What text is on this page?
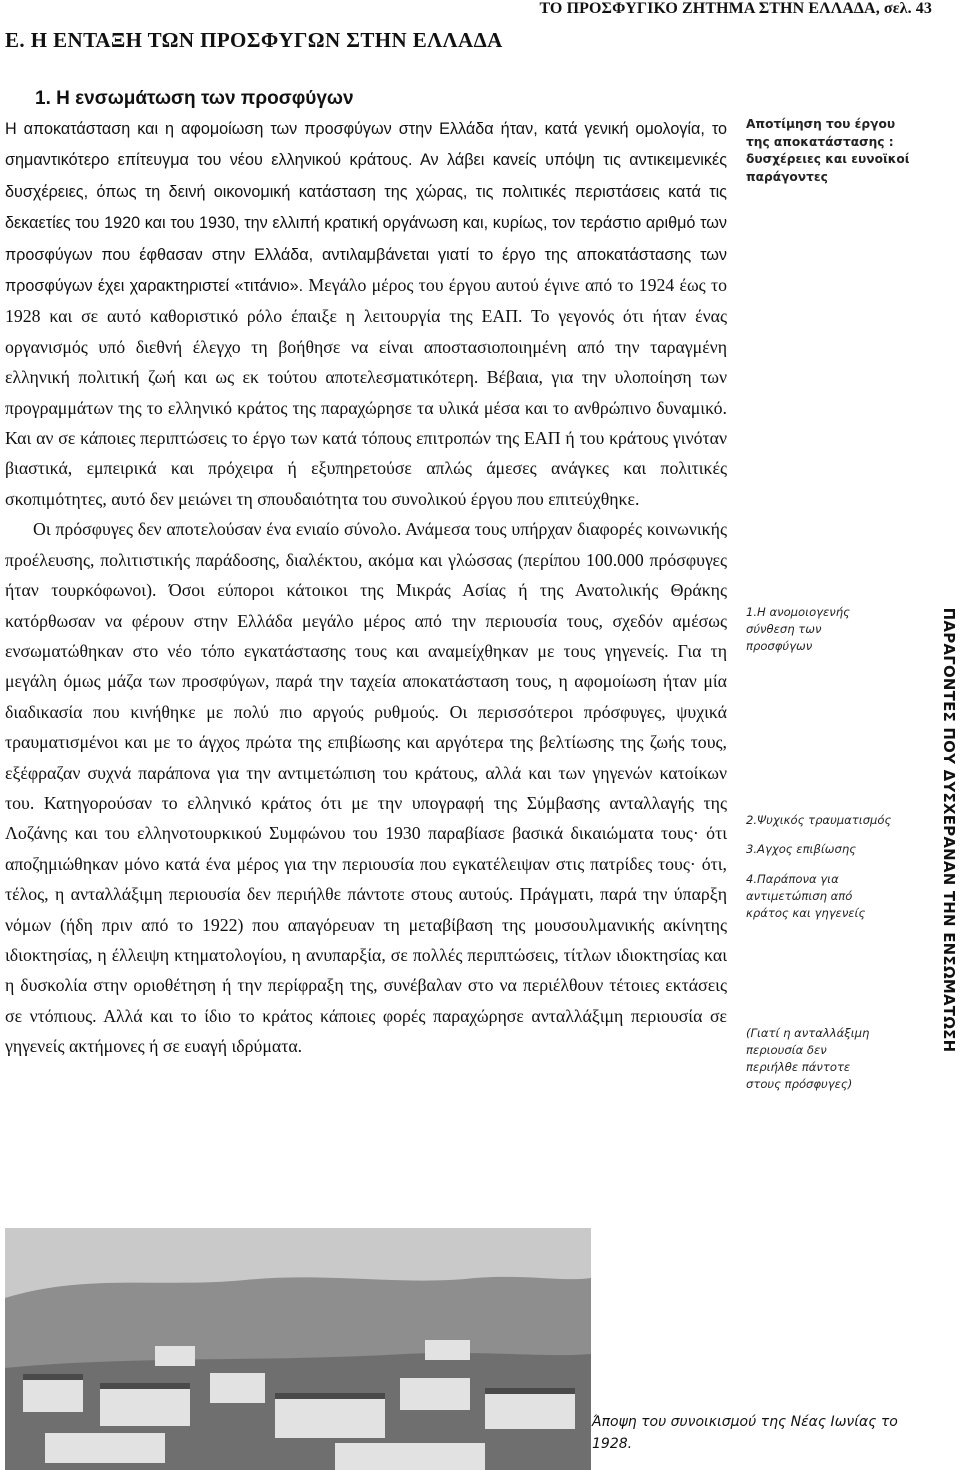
ΤΟ ΠΡΟΣΦΥΓΙΚΟ ΖΗΤΗΜΑ ΣΤΗΝ ΕΛΛΑΔΑ, σελ. 43
Ε. Η ΕΝΤΑΞΗ ΤΩΝ ΠΡΟΣΦΥΓΩΝ ΣΤΗΝ ΕΛΛΑΔΑ
1. Η ενσωμάτωση των προσφύγων

Η αποκατάσταση και η αφομοίωση των προσφύγων στην Ελλάδα ήταν, κατά γενική ομολογία, το σημαντικότερο επίτευγμα του νέου ελληνικού κράτους. Αν λάβει κανείς υπόψη τις αντικειμενικές δυσχέρειες, όπως τη δεινή οικονομική κατάσταση της χώρας, τις πολιτικές περιστάσεις κατά τις δεκαετίες του 1920 και του 1930, την ελλιπή κρατική οργάνωση και, κυρίως, τον τεράστιο αριθμό των προσφύγων που έφθασαν στην Ελλάδα, αντιλαμβάνεται γιατί το έργο της αποκατάστασης των προσφύγων έχει χαρακτηριστεί «τιτάνιο». Μεγάλο μέρος του έργου αυτού έγινε από το 1924 έως το 1928 και σε αυτό καθοριστικό ρόλο έπαιξε η λειτουργία της ΕΑΠ. Το γεγονός ότι ήταν ένας οργανισμός υπό διεθνή έλεγχο τη βοήθησε να είναι αποστασιοποιημένη από την ταραγμένη ελληνική πολιτική ζωή και ως εκ τούτου αποτελεσματικότερη. Βέβαια, για την υλοποίηση των προγραμμάτων της το ελληνικό κράτος της παραχώρησε τα υλικά μέσα και το ανθρώπινο δυναμικό. Και αν σε κάποιες περιπτώσεις το έργο των κατά τόπους επιτροπών της ΕΑΠ ή του κράτους γινόταν βιαστικά, εμπειρικά και πρόχειρα ή εξυπηρετούσε απλώς άμεσες ανάγκες και πολιτικές σκοπιμότητες, αυτό δεν μειώνει τη σπουδαιότητα του συνολικού έργου που επιτεύχθηκε.

Οι πρόσφυγες δεν αποτελούσαν ένα ενιαίο σύνολο. Ανάμεσα τους υπήρχαν διαφορές κοινωνικής προέλευσης, πολιτιστικής παράδοσης, διαλέκτου, ακόμα και γλώσσας (περίπου 100.000 πρόσφυγες ήταν τουρκόφωνοι). Όσοι εύποροι κάτοικοι της Μικράς Ασίας ή της Ανατολικής Θράκης κατόρθωσαν να φέρουν στην Ελλάδα μεγάλο μέρος από την περιουσία τους, σχεδόν αμέσως ενσωματώθηκαν στο νέο τόπο εγκατάστασης τους και αναμείχθηκαν με τους γηγενείς. Για τη μεγάλη όμως μάζα των προσφύγων, παρά την ταχεία αποκατάσταση τους, η αφομοίωση ήταν μία διαδικασία που κινήθηκε με πολύ πιο αργούς ρυθμούς. Οι περισσότεροι πρόσφυγες, ψυχικά τραυματισμένοι και με το άγχος πρώτα της επιβίωσης και αργότερα της βελτίωσης της ζωής τους, εξέφραζαν συχνά παράπονα για την αντιμετώπιση του κράτους, αλλά και των γηγενών κατοίκων του. Κατηγορούσαν το ελληνικό κράτος ότι με την υπογραφή της Σύμβασης ανταλλαγής της Λοζάνης και του ελληνοτουρκικού Συμφώνου του 1930 παραβίασε βασικά δικαιώματα τους· ότι αποζημιώθηκαν μόνο κατά ένα μέρος για την περιουσία που εγκατέλειψαν στις πατρίδες τους· ότι, τέλος, η ανταλλάξιμη περιουσία δεν περιήλθε πάντοτε στους αυτούς. Πράγματι, παρά την ύπαρξη νόμων (ήδη πριν από το 1922) που απαγόρευαν τη μεταβίβαση της μουσουλμανικής ακίνητης ιδιοκτησίας, η έλλειψη κτηματολογίου, η ανυπαρξία, σε πολλές περιπτώσεις, τίτλων ιδιοκτησίας και η δυσκολία στην οριοθέτηση ή την περίφραξη της, συνέβαλαν στο να περιέλθουν τέτοιες εκτάσεις σε ντόπιους. Αλλά και το ίδιο το κράτος κάποιες φορές παραχώρησε ανταλλάξιμη περιουσία σε γηγενείς ακτήμονες ή σε ευαγή ιδρύματα.

Αποτίμηση του έργου της αποκατάστασης : δυσχέρειες και ευνοϊκοί παράγοντες
1.Η ανομοιογενής σύνθεση των προσφύγων
2.Ψυχικός τραυματισμός
3.Αγχος επιβίωσης
4.Παράπονα για αντιμετώπιση από κράτος και γηγενείς
(Γιατί η ανταλλάξιμη περιουσία δεν περιήλθε πάντοτε στους πρόσφυγες)
ΠΑΡΑΓΟΝΤΕΣ ΠΟΥ ΔΥΣΧΕΡΑΝΑΝ ΤΗΝ ΕΝΣΩΜΑΤΩΣΗ
Άποψη του συνοικισμού της Νέας Ιωνίας το 1928.
